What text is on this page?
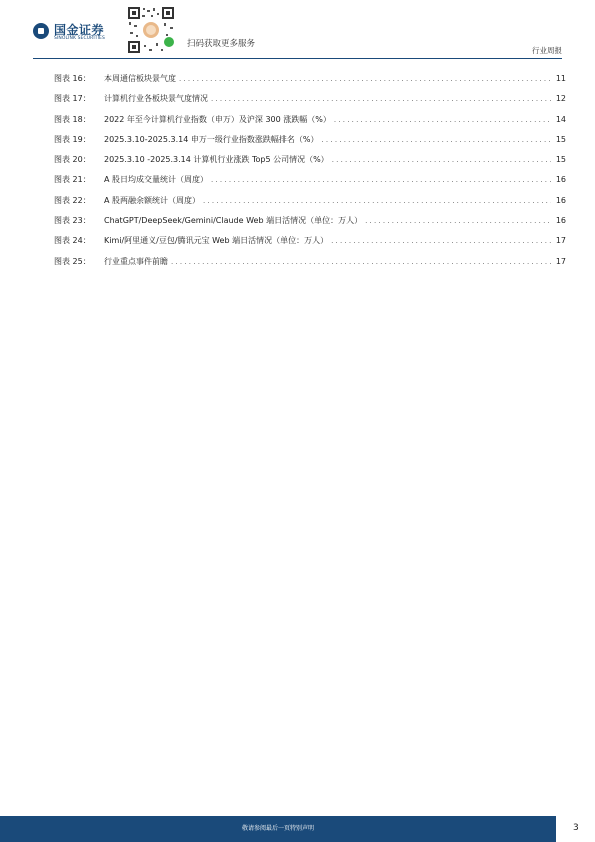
国金证券
SINOLINK SECURITIES
扫码获取更多服务
行业周报
图表 16：	本周通信板块景气度 . . .	11
图表 17：	计算机行业各板块景气度情况 . . .	12
图表 18：	2022 年至今计算机行业指数（申万）及沪深 300 涨跌幅（%） . . .	14
图表 19：	2025.3.10-2025.3.14 申万一级行业指数涨跌幅排名（%） . . .	15
图表 20：	2025.3.10 -2025.3.14 计算机行业涨跌 Top5 公司情况（%） . . .	15
图表 21：	A 股日均成交量统计（周度） . . .	16
图表 22：	A 股两融余额统计（周度） . . .	16
图表 23：	ChatGPT/DeepSeek/Gemini/Claude Web 端日活情况（单位：万人） . . .	16
图表 24：	Kimi/阿里通义/豆包/腾讯元宝 Web 端日活情况（单位：万人） . . .	17
图表 25：	行业重点事件前瞻 . . .	17
敬请参阅最后一页特别声明	3
